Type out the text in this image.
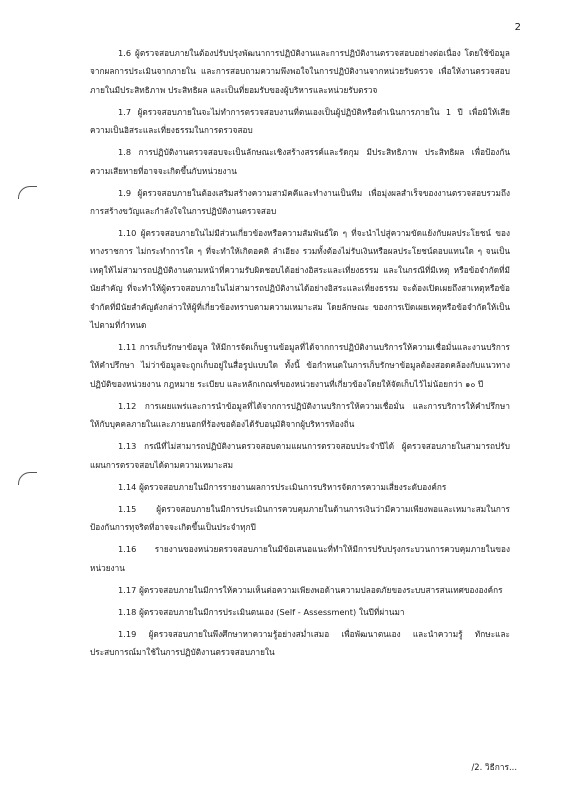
2

1.6 ผู้ตรวจสอบภายในต้องปรับปรุงพัฒนาการปฏิบัติงานและการปฏิบัติงานตรวจสอบอย่างต่อเนื่อง โดยใช้ข้อมูลจากผลการประเมินจากภายใน และการสอบถามความพึงพอใจในการปฏิบัติงานจากหน่วยรับตรวจ เพื่อให้งานตรวจสอบภายในมีประสิทธิภาพ ประสิทธิผล และเป็นที่ยอมรับของผู้บริหารและหน่วยรับตรวจ

1.7 ผู้ตรวจสอบภายในจะไม่ทำการตรวจสอบงานที่ตนเองเป็นผู้ปฏิบัติหรือดำเนินการภายใน 1 ปี เพื่อมิให้เสียความเป็นอิสระและเที่ยงธรรมในการตรวจสอบ

1.8 การปฏิบัติงานตรวจสอบจะเป็นลักษณะเชิงสร้างสรรค์และรัดกุม มีประสิทธิภาพ ประสิทธิผล เพื่อป้องกันความเสียหายที่อาจจะเกิดขึ้นกับหน่วยงาน

1.9 ผู้ตรวจสอบภายในต้องเสริมสร้างความสามัคคีและทำงานเป็นทีม เพื่อมุ่งผลสำเร็จของงานตรวจสอบรวมถึงการสร้างขวัญและกำลังใจในการปฏิบัติงานตรวจสอบ

1.10 ผู้ตรวจสอบภายในไม่มีส่วนเกี่ยวข้องหรือความสัมพันธ์ใด ๆ ที่จะนำไปสู่ความขัดแย้งกับผลประโยชน์ ของทางราชการ ไม่กระทำการใด ๆ ที่จะทำให้เกิดอคติ ลำเอียง รวมทั้งต้องไม่รับเงินหรือผลประโยชน์ตอบแทนใด ๆ จนเป็นเหตุให้ไม่สามารถปฏิบัติงานตามหน้าที่ความรับผิดชอบได้อย่างอิสระและเที่ยงธรรม และในกรณีที่มีเหตุ หรือข้อจำกัดที่มีนัยสำคัญ ที่จะทำให้ผู้ตรวจสอบภายในไม่สามารถปฏิบัติงานได้อย่างอิสระและเที่ยงธรรม จะต้องเปิดเผยถึงสาเหตุหรือข้อจำกัดที่มีนัยสำคัญดังกล่าวให้ผู้ที่เกี่ยวข้องทราบตามความเหมาะสม โดยลักษณะ ของการเปิดเผยเหตุหรือข้อจำกัดให้เป็นไปตามที่กำหนด

1.11 การเก็บรักษาข้อมูล ให้มีการจัดเก็บฐานข้อมูลที่ได้จากการปฏิบัติงานบริการให้ความเชื่อมั่นและงานบริการให้คำปรึกษา ไม่ว่าข้อมูลจะถูกเก็บอยู่ในสื่อรูปแบบใด ทั้งนี้ ข้อกำหนดในการเก็บรักษาข้อมูลต้องสอดคล้องกับแนวทางปฏิบัติของหน่วยงาน กฎหมาย ระเบียบ และหลักเกณฑ์ของหน่วยงานที่เกี่ยวข้องโดยให้จัดเก็บไว้ไม่น้อยกว่า ๑๐ ปี

1.12 การเผยแพร่และการนำข้อมูลที่ได้จากการปฏิบัติงานบริการให้ความเชื่อมั่น และการบริการให้คำปรึกษา ให้กับบุคคลภายในและภายนอกที่ร้องขอต้องได้รับอนุมัติจากผู้บริหารท้องถิ่น

1.13 กรณีที่ไม่สามารถปฏิบัติงานตรวจสอบตามแผนการตรวจสอบประจำปีได้ ผู้ตรวจสอบภายในสามารถปรับแผนการตรวจสอบได้ตามความเหมาะสม

1.14 ผู้ตรวจสอบภายในมีการรายงานผลการประเมินการบริหารจัดการความเสี่ยงระดับองค์กร

1.15 ผู้ตรวจสอบภายในมีการประเมินการควบคุมภายในด้านการเงินว่ามีความเพียงพอและเหมาะสมในการป้องกันการทุจริตที่อาจจะเกิดขึ้นเป็นประจำทุกปี

1.16 รายงานของหน่วยตรวจสอบภายในมีข้อเสนอแนะที่ทำให้มีการปรับปรุงกระบวนการควบคุมภายในของหน่วยงาน

1.17 ผู้ตรวจสอบภายในมีการให้ความเห็นต่อความเพียงพอด้านความปลอดภัยของระบบสารสนเทศขององค์กร

1.18 ผู้ตรวจสอบภายในมีการประเมินตนเอง (Self - Assessment) ในปีที่ผ่านมา

1.19 ผู้ตรวจสอบภายในพึงศึกษาหาความรู้อย่างสม่ำเสมอ เพื่อพัฒนาตนเอง และนำความรู้ ทักษะและประสบการณ์มาใช้ในการปฏิบัติงานตรวจสอบภายใน

/2. วิธีการ...
